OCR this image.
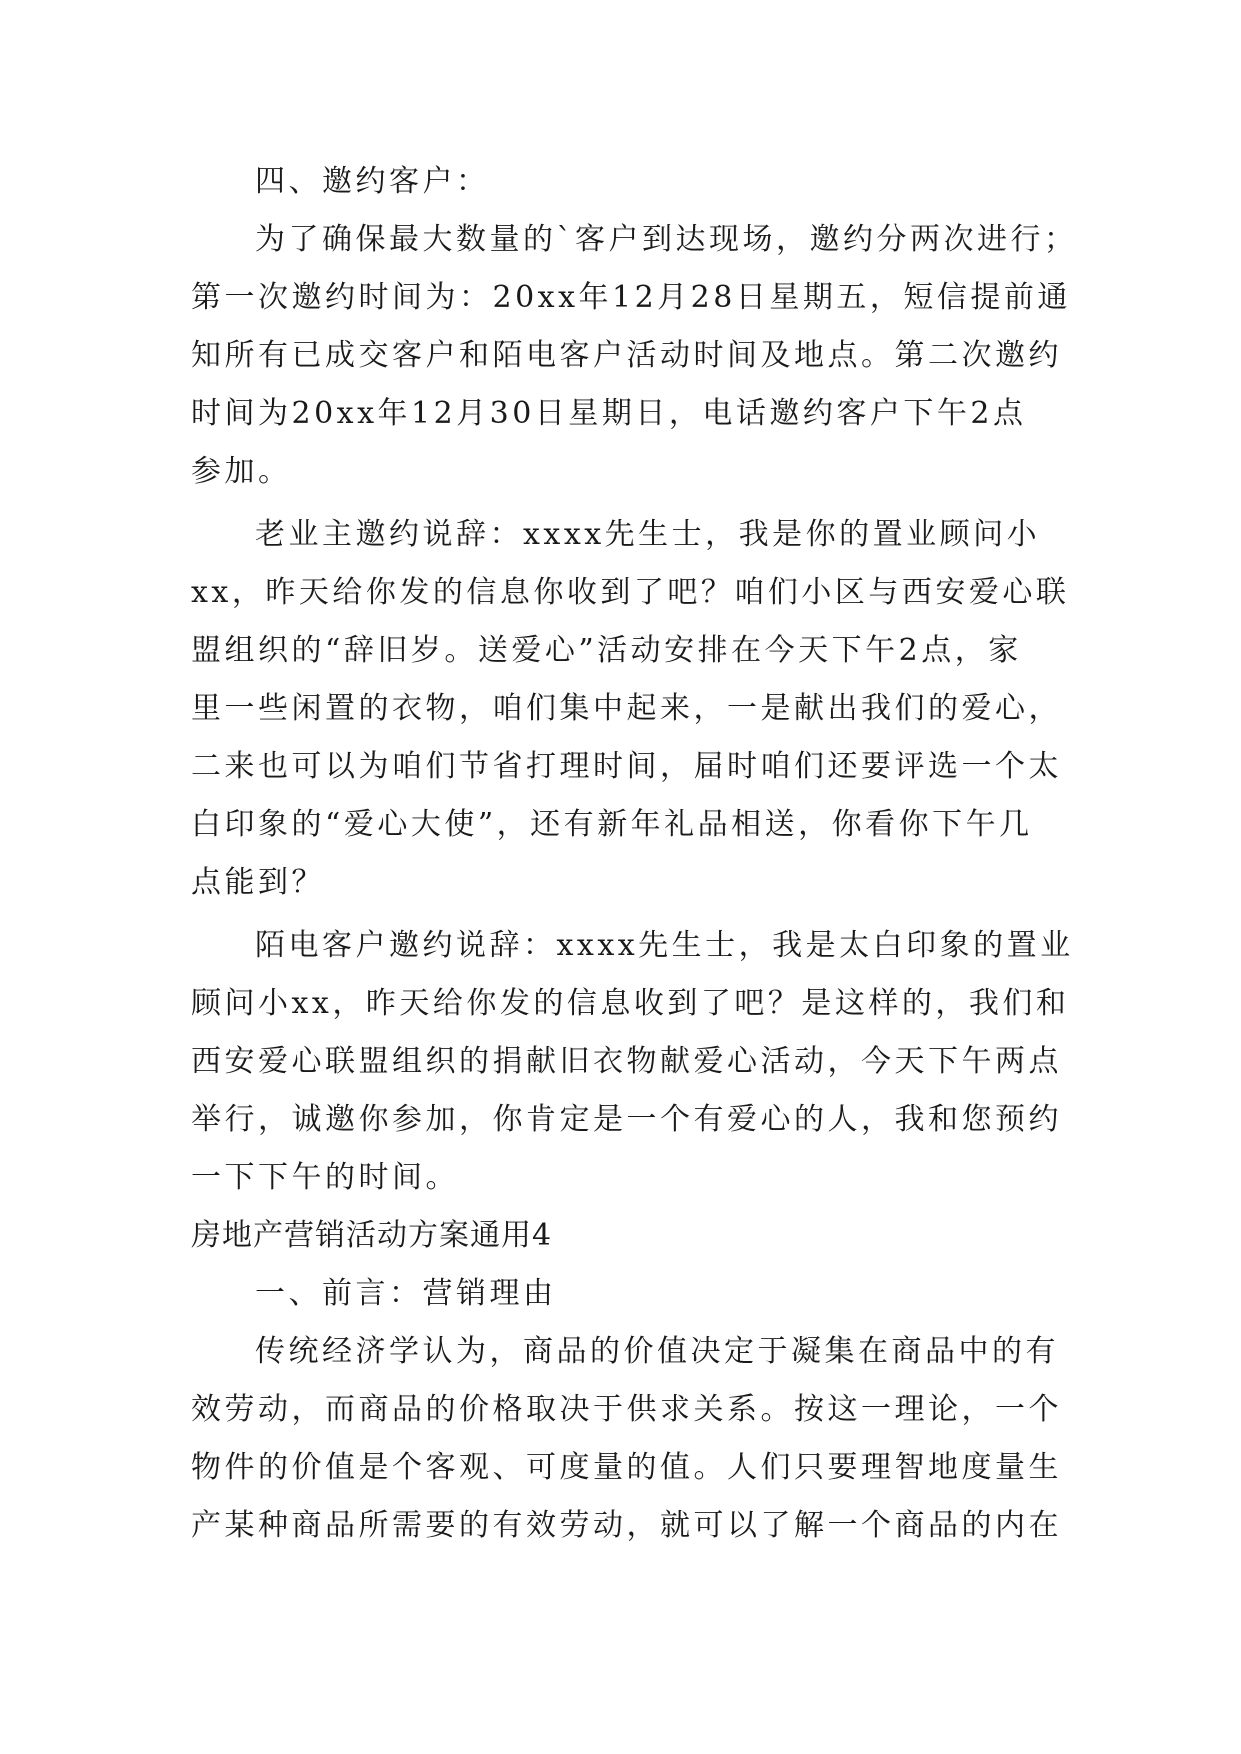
四、邀约客户：
为了确保最大数量的`客户到达现场，邀约分两次进行；
第一次邀约时间为：20xx年12月28日星期五，短信提前通
知所有已成交客户和陌电客户活动时间及地点。第二次邀约
时间为20xx年12月30日星期日，电话邀约客户下午2点
参加。
老业主邀约说辞：xxxx先生士，我是你的置业顾问小
xx，昨天给你发的信息你收到了吧？咱们小区与西安爱心联
盟组织的“辞旧岁。送爱心”活动安排在今天下午2点，家
里一些闲置的衣物，咱们集中起来，一是献出我们的爱心，
二来也可以为咱们节省打理时间，届时咱们还要评选一个太
白印象的“爱心大使”，还有新年礼品相送，你看你下午几
点能到？
陌电客户邀约说辞：xxxx先生士，我是太白印象的置业
顾问小xx，昨天给你发的信息收到了吧？是这样的，我们和
西安爱心联盟组织的捐献旧衣物献爱心活动，今天下午两点
举行，诚邀你参加，你肯定是一个有爱心的人，我和您预约
一下下午的时间。
房地产营销活动方案通用4
一、前言：营销理由
传统经济学认为，商品的价值决定于凝集在商品中的有
效劳动，而商品的价格取决于供求关系。按这一理论，一个
物件的价值是个客观、可度量的值。人们只要理智地度量生
产某种商品所需要的有效劳动，就可以了解一个商品的内在
